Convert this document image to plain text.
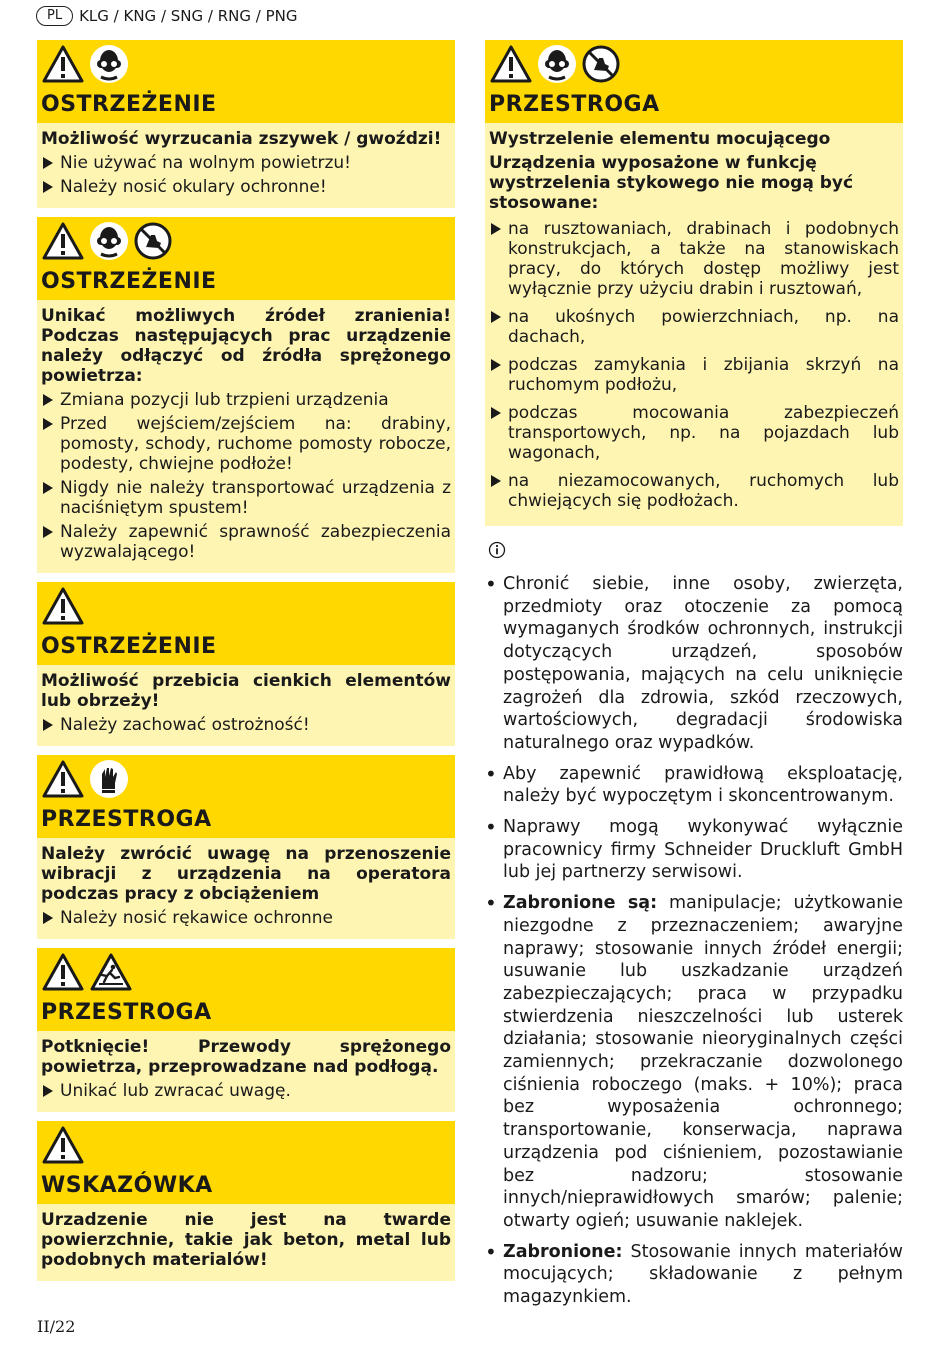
PL	KLG / KNG / SNG / RNG / PNG
OSTRZEŻENIE

Możliwość wyrzucania zszywek / gwoździ!

Nie używać na wolnym powietrzu!
Należy nosić okulary ochronne!
OSTRZEŻENIE

Unikać możliwych źródeł zranienia! Podczas następujących prac urządzenie należy odłączyć od źródła sprężonego powietrza:

Zmiana pozycji lub trzpieni urządzenia
Przed wejściem/zejściem na: drabiny, pomosty, schody, ruchome pomosty robocze, podesty, chwiejne podłoże!
Nigdy nie należy transportować urządzenia z naciśniętym spustem!
Należy zapewnić sprawność zabezpieczenia wyzwalającego!
OSTRZEŻENIE

Możliwość przebicia cienkich elementów lub obrzeży!

Należy zachować ostrożność!
PRZESTROGA

Należy zwrócić uwagę na przenoszenie wibracji z urządzenia na operatora podczas pracy z obciążeniem

Należy nosić rękawice ochronne
PRZESTROGA

Potknięcie! Przewody sprężonego powietrza, przeprowadzane nad podłogą.

Unikać lub zwracać uwagę.
WSKAZÓWKA

Urzadzenie nie jest na twarde powierzchnie, takie jak beton, metal lub podobnych materialów!

PRZESTROGA

Wystrzelenie elementu mocującego

Urządzenia wyposażone w funkcję wystrzelenia stykowego nie mogą być stosowane:

na rusztowaniach, drabinach i podobnych konstrukcjach, a także na stanowiskach pracy, do których dostęp możliwy jest wyłącznie przy użyciu drabin i rusztowań,
na ukośnych powierzchniach, np. na dachach,
podczas zamykania i zbijania skrzyń na ruchomym podłożu,
podczas mocowania zabezpieczeń transportowych, np. na pojazdach lub wagonach,
na niezamocowanych, ruchomych lub chwiejących się podłożach.
• Chronić siebie, inne osoby, zwierzęta, przedmioty oraz otoczenie za pomocą wymaganych środków ochronnych, instrukcji dotyczących urządzeń, sposobów postępowania, mających na celu uniknięcie zagrożeń dla zdrowia, szkód rzeczowych, wartościowych, degradacji środowiska naturalnego oraz wypadków.
• Aby zapewnić prawidłową eksploatację, należy być wypoczętym i skoncentrowanym.
• Naprawy mogą wykonywać wyłącznie pracownicy firmy Schneider Druckluft GmbH lub jej partnerzy serwisowi.
• Zabronione są: manipulacje; użytkowanie niezgodne z przeznaczeniem; awaryjne naprawy; stosowanie innych źródeł energii; usuwanie lub uszkadzanie urządzeń zabezpieczających; praca w przypadku stwierdzenia nieszczelności lub usterek działania; stosowanie nieoryginalnych części zamiennych; przekraczanie dozwolonego ciśnienia roboczego (maks. + 10%); praca bez wyposażenia ochronnego; transportowanie, konserwacja, naprawa urządzenia pod ciśnieniem, pozostawianie bez nadzoru; stosowanie innych/nieprawidłowych smarów; palenie; otwarty ogień; usuwanie naklejek.
• Zabronione: Stosowanie innych materiałów mocujących; składowanie z pełnym magazynkiem.
II/22
